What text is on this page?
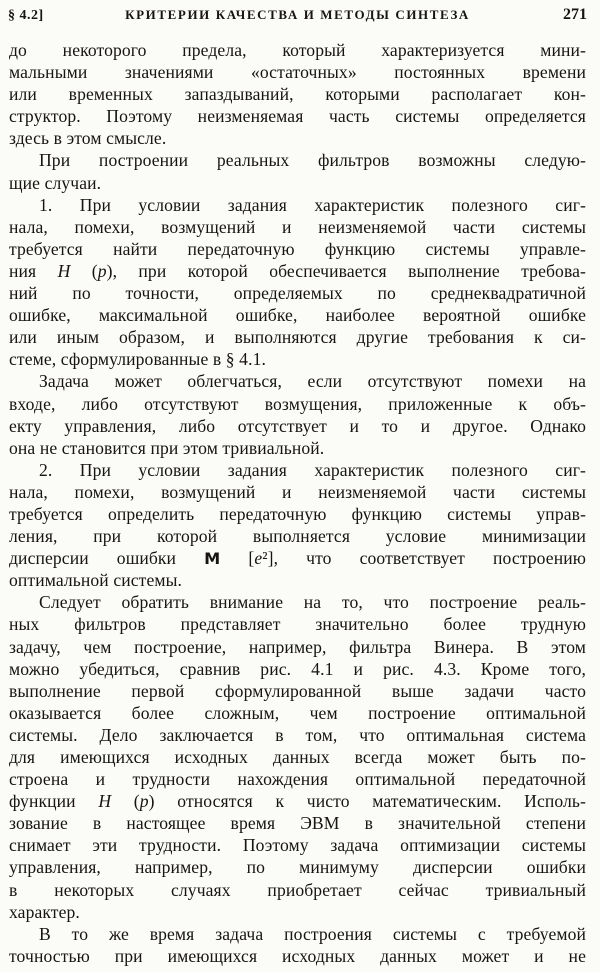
§ 4.2]	КРИТЕРИИ КАЧЕСТВА И МЕТОДЫ СИНТЕЗА	271
до некоторого предела, который характеризуется мини-
мальными значениями «остаточных» постоянных времени
или временных запаздываний, которыми располагает кон-
структор. Поэтому неизменяемая часть системы определяется
здесь в этом смысле.
При построении реальных фильтров возможны следую-
щие случаи.
1. При условии задания характеристик полезного сиг-
нала, помехи, возмущений и неизменяемой части системы
требуется найти передаточную функцию системы управле-
ния H (p), при которой обеспечивается выполнение требова-
ний по точности, определяемых по среднеквадратичной
ошибке, максимальной ошибке, наиболее вероятной ошибке
или иным образом, и выполняются другие требования к си-
стеме, сформулированные в § 4.1.
Задача может облегчаться, если отсутствуют помехи на
входе, либо отсутствуют возмущения, приложенные к объ-
екту управления, либо отсутствует и то и другое. Однако
она не становится при этом тривиальной.
2. При условии задания характеристик полезного сиг-
нала, помехи, возмущений и неизменяемой части системы
требуется определить передаточную функцию системы управ-
ления, при которой выполняется условие минимизации
дисперсии ошибки M [e²], что соответствует построению
оптимальной системы.
Следует обратить внимание на то, что построение реаль-
ных фильтров представляет значительно более трудную
задачу, чем построение, например, фильтра Винера. В этом
можно убедиться, сравнив рис. 4.1 и рис. 4.3. Кроме того,
выполнение первой сформулированной выше задачи часто
оказывается более сложным, чем построение оптимальной
системы. Дело заключается в том, что оптимальная система
для имеющихся исходных данных всегда может быть по-
строена и трудности нахождения оптимальной передаточной
функции H (p) относятся к чисто математическим. Исполь-
зование в настоящее время ЭВМ в значительной степени
снимает эти трудности. Поэтому задача оптимизации системы
управления, например, по минимуму дисперсии ошибки
в некоторых случаях приобретает сейчас тривиальный
характер.
В то же время задача построения системы с требуемой
точностью при имеющихся исходных данных может и не
